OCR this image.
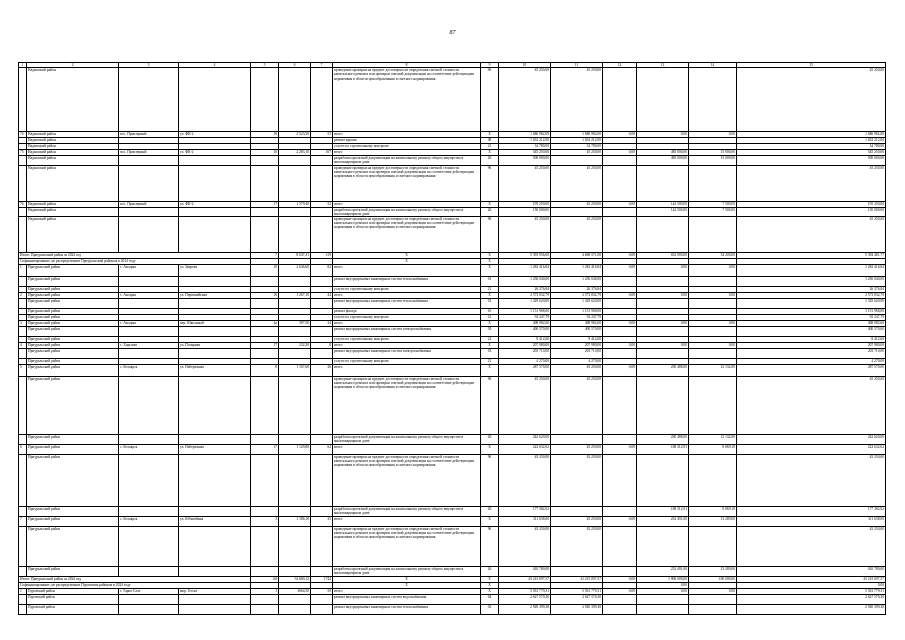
87
1	2	3	4	5	6	7	8	9	10	11	12	13	14	15	
	Надымский район						проведение проверки на предмет достоверности определения сметной стоимости капитального ремонта или проверки сметной документации на соответствие действующим нормативам в области ценообразования и сметного нормирования	96	45 250,00	45 250,00				45 250,00	
74	Надымский район	пос. Приозерный	ул. ФК-2	18	2 523,50	53	итого	X	1 686 982,00	1 686 982,00	0,00	0,00	0,00	1 686 982,00	
	Надымский район						ремонт крыши	08	1 652 212,00	1 652 212,00				1 652 212,00	
	Надымский район						услуги по строительному контролю	21	34 780,00	34 780,00				34 780,00	
75	Надымский район	пос. Приозерный	ул. ФК-2	16	2 283,10	107	итого	X	545 250,00	45 250,00	0,00	485 000,00	15 000,00	545 250,00	
	Надымский район						разработка проектной документации на капитальному ремонту общего имущества в многоквартирном доме	26	500 000,00			485 000,00	15 000,00	500 000,00	
	Надымский район						проведение проверки на предмет достоверности определения сметной стоимости капитального ремонта или проверки сметной документации на соответствие действующим нормативам в области ценообразования и сметного нормирования	96	45 250,00	45 250,00				45 250,00	
76	Надымский район	пос. Приозерный	ул. ФК-2	17	1 579,40	52	итого	X	195 250,00	45 250,00	0,00	142 500,00	7 500,00	195 250,00	
	Надымский район						разработка проектной документации на капитальному ремонту общего имущества в многоквартирном доме	26	150 000,00			142 500,00	7 500,00	150 000,00	
	Надымский район						проведение проверки на предмет достоверности определения сметной стоимости капитального ремонта или проверки сметной документации на соответствие действующим нормативам в области ценообразования и сметного нормирования	96	45 250,00	45 250,00				45 250,00	
Итого: Приуральский район за 2024 год				7	8 047,31	319	X	X	5 393 956,00	4 668 571,00	0,00	652 000,00	34 200,00	5 394 461,77	
Софинансирование, не распределенное Приуральский районом в 2024 году							X	X								
1	Приуральский район	с. Аксарка	ул. Зверева	10	2 646,60	82	итого	X	1 282 416,84	1 282 416,84	0,00	0,00	0,00	1 282 416,84	
	Приуральский район						ремонт внутридомовых инженерных систем теплоснабжения	01	1 256 040,00	1 256 040,00				1 256 040,00	
	Приуральский район						услуги по строительному контролю	21	26 376,84	26 376,84				26 376,84	
2	Приуральский район	с. Аксарка	ул. Первомайская	16	1 267,10	44	итого	X	2 573 832,79	2 573 832,79	0,00	0,00	0,00	2 573 832,79	
	Приуральский район						ремонт внутридомовых инженерных систем теплоснабжения	01	1 329 620,00	1 329 620,00				1 329 620,00	
	Приуральский район						ремонт фасада	10	1 151 968,00	1 151 968,00				1 151 968,00	
	Приуральский район						услуги по строительному контролю	21	92 247,79	92 247,79				92 247,79	
3	Приуральский район	с. Аксарка	пер. Школьный	4а	397,50	24	итого	X	408 982,60	408 982,60	0,00	0,00	0,00	408 982,60	
	Приуральский район						ремонт внутридомовых инженерных систем электроснабжения	03	400 570,00	400 570,00				400 570,00	
	Приуральский район						услуги по строительному контролю	21	8 412,60	8 412,60				8 412,60	
4	Приуральский район	с. Харсаим	ул. Полярная	17	232,30	8	итого	X	207 980,00	207 980,00	0,00	0,00	0,00	207 980,00	
	Приуральский район						ремонт внутридомовых инженерных систем электроснабжения	03	203 710,00	203 710,00				203 710,00	
	Приуральский район						услуги по строительному контролю	21	4 270,00	4 270,00				4 270,00	
5	Приуральский район	с. Белоярск	ул. Набережная	8	1 167,60	36	итого	X	287 570,00	45 250,00	0,00	230 488,00	12 132,00	287 570,00	
	Приуральский район						проведение проверки на предмет достоверности определения сметной стоимости капитального ремонта или проверки сметной документации на соответствие действующим нормативам в области ценообразования и сметного нормирования	96	45 250,00	45 250,00				45 250,00	
	Приуральский район						разработка проектной документации на капитальному ремонту общего имущества в многоквартирном доме	26	242 620,00			230 488,00	12 132,00	242 620,00	
6	Приуральский район	с. Белоярск	ул. Набережная	17	1 129,80	62	итого	X	222 632,02	45 250,00	0,00	168 312,91	8 869,10	222 632,02	
	Приуральский район						проведение проверки на предмет достоверности определения сметной стоимости капитального ремонта или проверки сметной документации на соответствие действующим нормативам в области ценообразования и сметного нормирования	96	45 250,00	45 250,00				45 250,00	
	Приуральский район						разработка проектной документации на капитальному ремонту общего имущества в многоквартирном доме	26	177 382,02			168 512,91	8 869,10	177 382,02	
7	Приуральский район	с. Белоярск	ул. Юбилейная	3	1 186,10	35	итого	X	311 638,00	45 250,00	0,00	252 491,00	13 289,00	311 638,00	
	Приуральский район						проведение проверки на предмет достоверности определения сметной стоимости капитального ремонта или проверки сметной документации на соответствие действующим нормативам в области ценообразования и сметного нормирования	96	45 250,00	45 250,00				45 250,00	
	Приуральский район						разработка проектной документации на капитальному ремонту общего имущества в многоквартирном доме	26	265 780,00			252 491,00	13 289,00	265 780,00	
Итого: Приуральский район за 2024 год				60	52 669,12	1744	X	X	43 215 097,57	41 215 097,57	0,00	1 900 000,00	100 000,00	43 215 097,57	
Софинансирование, не распределенное Пуровским районом в 2024 году							X	X				0,00		0,00	
1	Пуровский район	г. Тарко-Сале	мкр. Геолог	1	3664,50	50	итого	X	5 561 779,31	5 561 779,31	0,00	0,00	0,00	5 561 779,31	
	Пуровский район						ремонт внутридомовых инженерных систем водоснабжения	04	2 627 570,30	2 627 570,30				2 627 570,30	
	Пуровский район						ремонт внутридомовых инженерных систем теплоснабжения	03	2 920 399,38	2 920 399,38				2 920 399,38	
